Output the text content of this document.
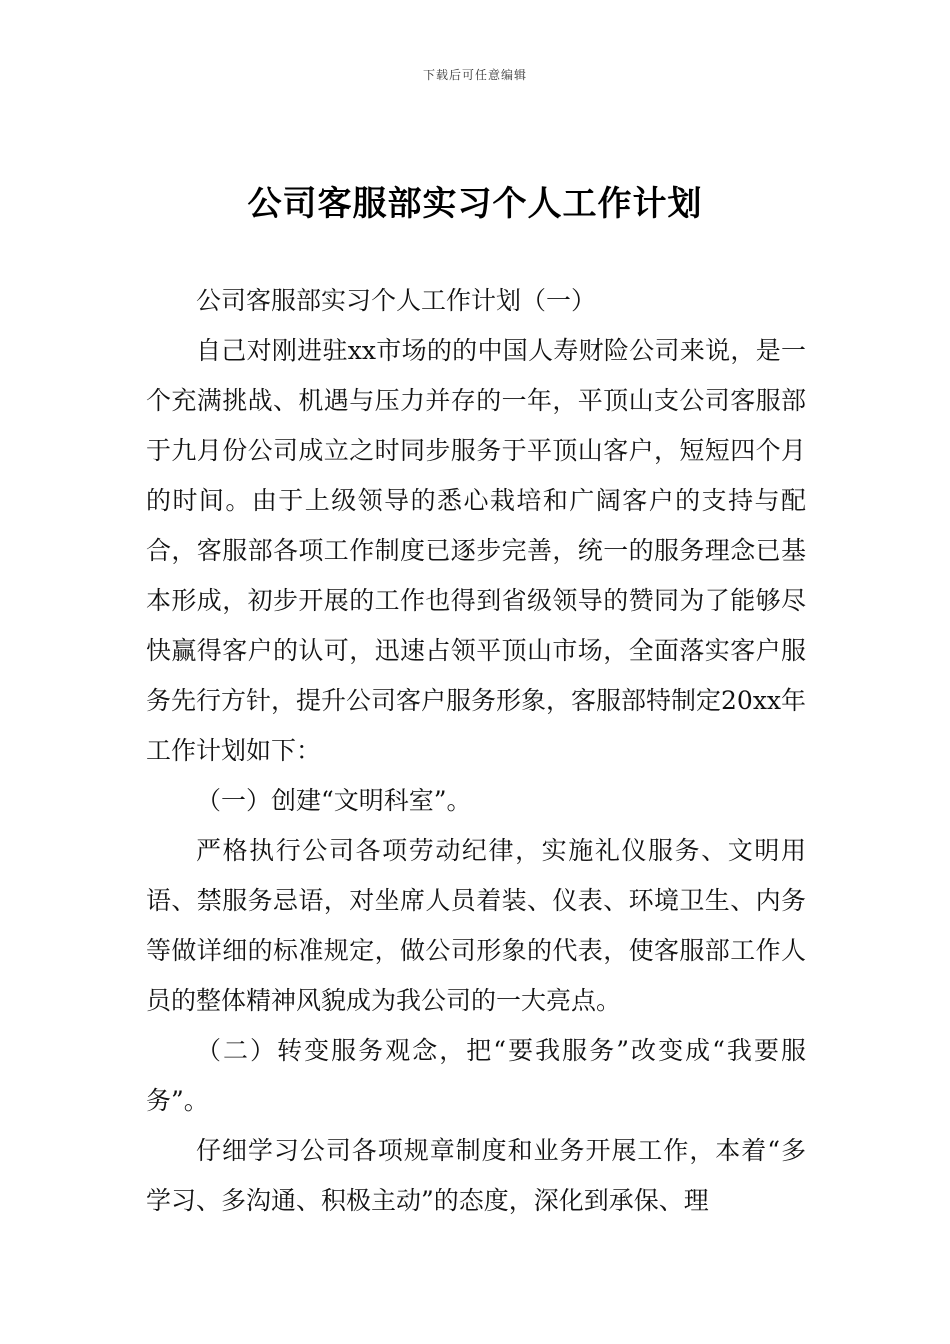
下载后可任意编辑
公司客服部实习个人工作计划

公司客服部实习个人工作计划（一）

自己对刚进驻xx市场的的中国人寿财险公司来说，是一个充满挑战、机遇与压力并存的一年，平顶山支公司客服部于九月份公司成立之时同步服务于平顶山客户，短短四个月的时间。由于上级领导的悉心栽培和广阔客户的支持与配合，客服部各项工作制度已逐步完善，统一的服务理念已基本形成，初步开展的工作也得到省级领导的赞同为了能够尽快赢得客户的认可，迅速占领平顶山市场，全面落实客户服务先行方针，提升公司客户服务形象，客服部特制定20xx年工作计划如下：

（一）创建“文明科室”。

严格执行公司各项劳动纪律，实施礼仪服务、文明用语、禁服务忌语，对坐席人员着装、仪表、环境卫生、内务等做详细的标准规定，做公司形象的代表，使客服部工作人员的整体精神风貌成为我公司的一大亮点。

（二）转变服务观念，把“要我服务”改变成“我要服务”。

仔细学习公司各项规章制度和业务开展工作，本着“多学习、多沟通、积极主动”的态度，深化到承保、理
